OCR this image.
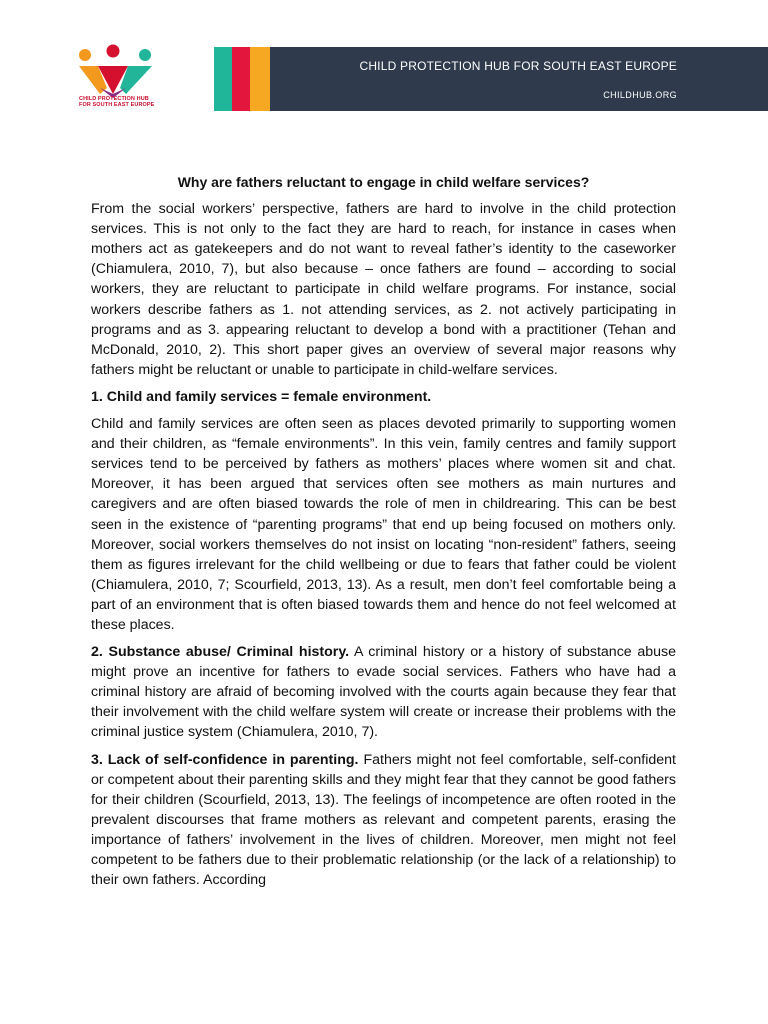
CHILD PROTECTION HUB
FOR SOUTH EAST EUROPE
CHILD PROTECTION HUB FOR SOUTH EAST EUROPE
CHILDHUB.ORG
Why are fathers reluctant to engage in child welfare services?

From the social workers’ perspective, fathers are hard to involve in the child protection services. This is not only to the fact they are hard to reach, for instance in cases when mothers act as gatekeepers and do not want to reveal father’s identity to the caseworker (Chiamulera, 2010, 7), but also because – once fathers are found – according to social workers, they are reluctant to participate in child welfare programs. For instance, social workers describe fathers as 1. not attending services, as 2. not actively participating in programs and as 3. appearing reluctant to develop a bond with a practitioner (Tehan and McDonald, 2010, 2). This short paper gives an overview of several major reasons why fathers might be reluctant or unable to participate in child-welfare services.

1. Child and family services = female environment.

Child and family services are often seen as places devoted primarily to supporting women and their children, as “female environments”. In this vein, family centres and family support services tend to be perceived by fathers as mothers’ places where women sit and chat. Moreover, it has been argued that services often see mothers as main nurtures and caregivers and are often biased towards the role of men in childrearing. This can be best seen in the existence of “parenting programs” that end up being focused on mothers only. Moreover, social workers themselves do not insist on locating “non-resident” fathers, seeing them as figures irrelevant for the child wellbeing or due to fears that father could be violent (Chiamulera, 2010, 7; Scourfield, 2013, 13). As a result, men don’t feel comfortable being a part of an environment that is often biased towards them and hence do not feel welcomed at these places.

2. Substance abuse/ Criminal history. A criminal history or a history of substance abuse might prove an incentive for fathers to evade social services. Fathers who have had a criminal history are afraid of becoming involved with the courts again because they fear that their involvement with the child welfare system will create or increase their problems with the criminal justice system (Chiamulera, 2010, 7).

3. Lack of self-confidence in parenting. Fathers might not feel comfortable, self-confident or competent about their parenting skills and they might fear that they cannot be good fathers for their children (Scourfield, 2013, 13). The feelings of incompetence are often rooted in the prevalent discourses that frame mothers as relevant and competent parents, erasing the importance of fathers’ involvement in the lives of children. Moreover, men might not feel competent to be fathers due to their problematic relationship (or the lack of a relationship) to their own fathers. According
